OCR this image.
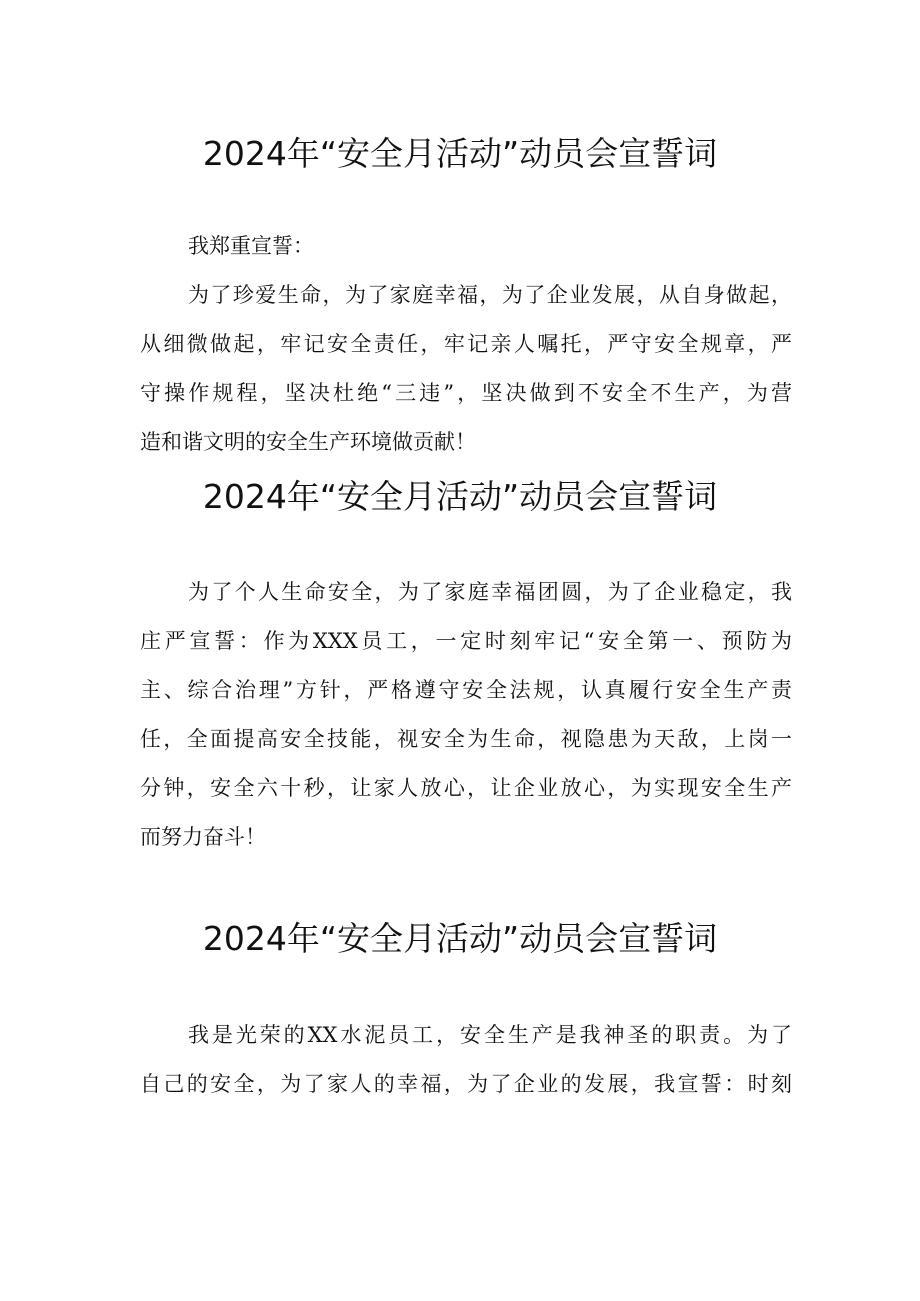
2024年“安全月活动”动员会宣誓词
我郑重宣誓：
为了珍爱生命，为了家庭幸福，为了企业发展，从自身做起，
从细微做起，牢记安全责任，牢记亲人嘱托，严守安全规章，严
守操作规程，坚决杜绝“三违”，坚决做到不安全不生产，为营
造和谐文明的安全生产环境做贡献！
2024年“安全月活动”动员会宣誓词
为了个人生命安全，为了家庭幸福团圆，为了企业稳定，我
庄严宣誓：作为XXX员工，一定时刻牢记“安全第一、预防为
主、综合治理”方针，严格遵守安全法规，认真履行安全生产责
任，全面提高安全技能，视安全为生命，视隐患为天敌，上岗一
分钟，安全六十秒，让家人放心，让企业放心，为实现安全生产
而努力奋斗！
2024年“安全月活动”动员会宣誓词
我是光荣的XX水泥员工，安全生产是我神圣的职责。为了
自己的安全，为了家人的幸福，为了企业的发展，我宣誓：时刻
